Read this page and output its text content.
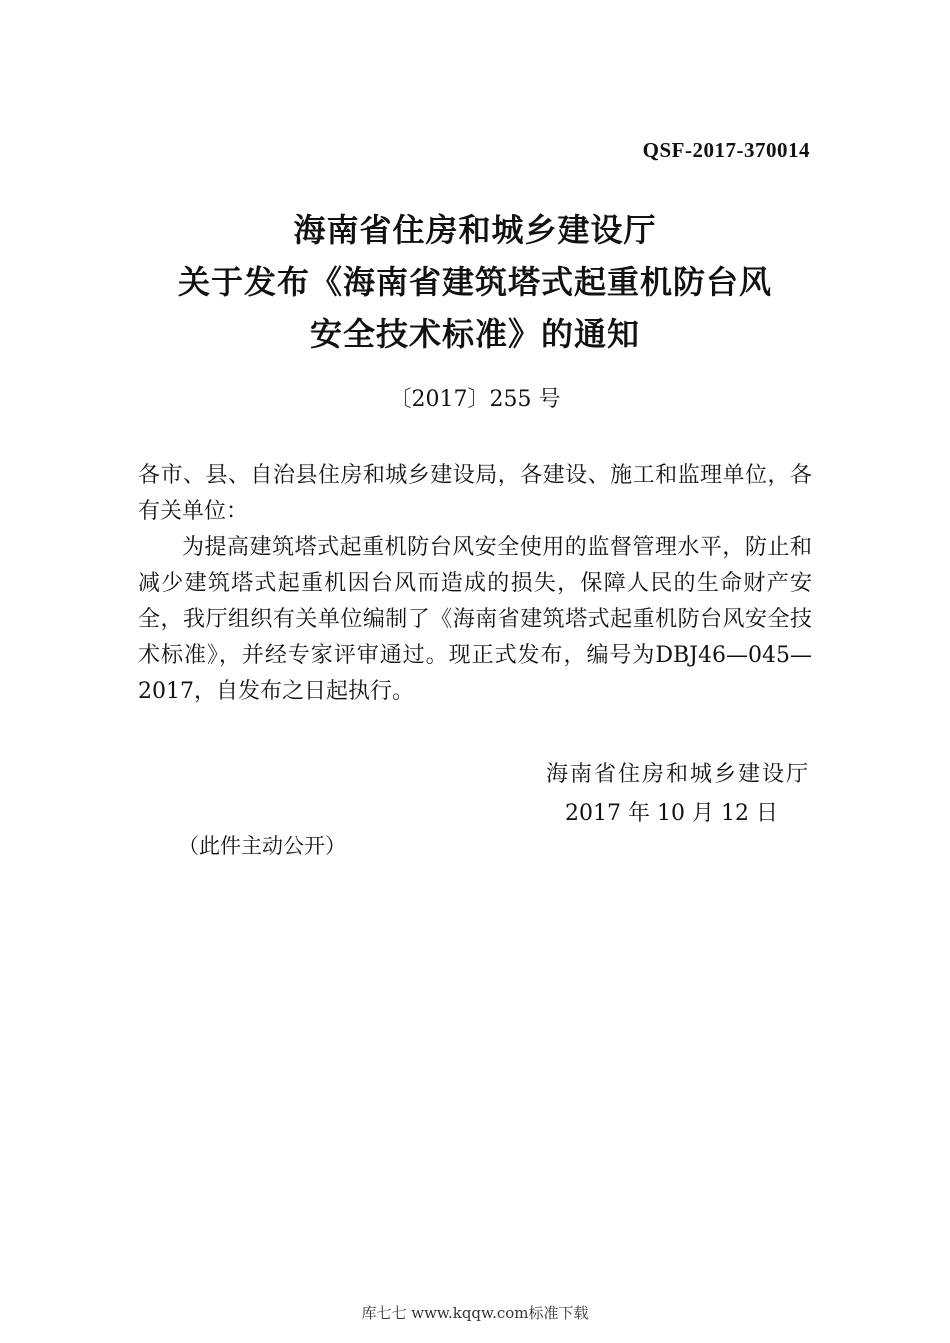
QSF-2017-370014
海南省住房和城乡建设厅
关于发布《海南省建筑塔式起重机防台风
安全技术标准》的通知
〔2017〕255 号

各市、县、自治县住房和城乡建设局，各建设、施工和监理单位，各有关单位：

为提高建筑塔式起重机防台风安全使用的监督管理水平，防止和减少建筑塔式起重机因台风而造成的损失，保障人民的生命财产安全，我厅组织有关单位编制了《海南省建筑塔式起重机防台风安全技术标准》，并经专家评审通过。现正式发布，编号为DBJ46—045—2017，自发布之日起执行。

海南省住房和城乡建设厅
2017 年 10 月 12 日
（此件主动公开）
库七七 www.kqqw.com标准下载
